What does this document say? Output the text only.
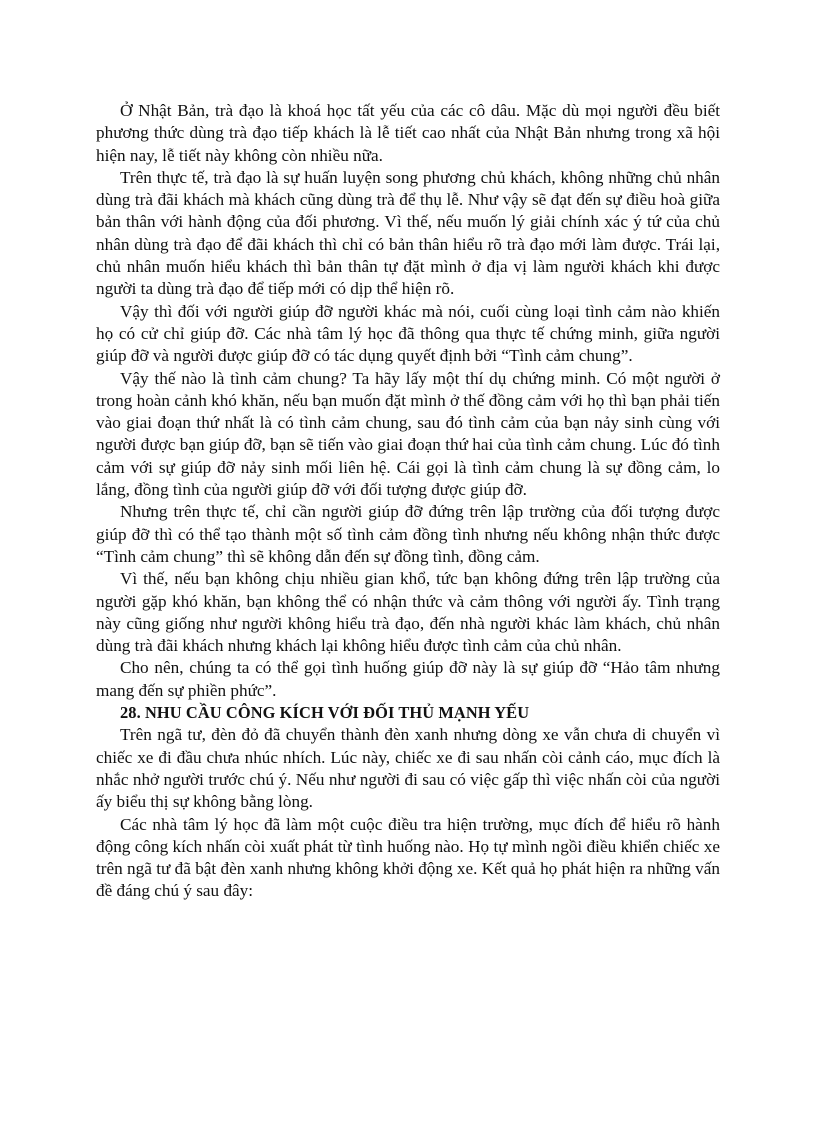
Ở Nhật Bản, trà đạo là khoá học tất yếu của các cô dâu. Mặc dù mọi người đều biết phương thức dùng trà đạo tiếp khách là lễ tiết cao nhất của Nhật Bản nhưng trong xã hội hiện nay, lễ tiết này không còn nhiều nữa.

Trên thực tế, trà đạo là sự huấn luyện song phương chủ khách, không những chủ nhân dùng trà đãi khách mà khách cũng dùng trà để thụ lễ. Như vậy sẽ đạt đến sự điều hoà giữa bản thân với hành động của đối phương. Vì thế, nếu muốn lý giải chính xác ý tứ của chủ nhân dùng trà đạo để đãi khách thì chỉ có bản thân hiểu rõ trà đạo mới làm được. Trái lại, chủ nhân muốn hiểu khách thì bản thân tự đặt mình ở địa vị làm người khách khi được người ta dùng trà đạo để tiếp mới có dịp thể hiện rõ.

Vậy thì đối với người giúp đỡ người khác mà nói, cuối cùng loại tình cảm nào khiến họ có cử chỉ giúp đỡ. Các nhà tâm lý học đã thông qua thực tế chứng minh, giữa người giúp đỡ và người được giúp đỡ có tác dụng quyết định bởi “Tình cảm chung”.

Vậy thế nào là tình cảm chung? Ta hãy lấy một thí dụ chứng minh. Có một người ở trong hoàn cảnh khó khăn, nếu bạn muốn đặt mình ở thế đồng cảm với họ thì bạn phải tiến vào giai đoạn thứ nhất là có tình cảm chung, sau đó tình cảm của bạn nảy sinh cùng với người được bạn giúp đỡ, bạn sẽ tiến vào giai đoạn thứ hai của tình cảm chung. Lúc đó tình cảm với sự giúp đỡ nảy sinh mối liên hệ. Cái gọi là tình cảm chung là sự đồng cảm, lo lắng, đồng tình của người giúp đỡ với đối tượng được giúp đỡ.

Nhưng trên thực tế, chỉ cần người giúp đỡ đứng trên lập trường của đối tượng được giúp đỡ thì có thể tạo thành một số tình cảm đồng tình nhưng nếu không nhận thức được “Tình cảm chung” thì sẽ không dẫn đến sự đồng tình, đồng cảm.

Vì thế, nếu bạn không chịu nhiều gian khổ, tức bạn không đứng trên lập trường của người gặp khó khăn, bạn không thể có nhận thức và cảm thông với người ấy. Tình trạng này cũng giống như người không hiểu trà đạo, đến nhà người khác làm khách, chủ nhân dùng trà đãi khách nhưng khách lại không hiểu được tình cảm của chủ nhân.

Cho nên, chúng ta có thể gọi tình huống giúp đỡ này là sự giúp đỡ “Hảo tâm nhưng mang đến sự phiền phức”.

28. NHU CẦU CÔNG KÍCH VỚI ĐỐI THỦ MẠNH YẾU

Trên ngã tư, đèn đỏ đã chuyển thành đèn xanh nhưng dòng xe vẫn chưa di chuyển vì chiếc xe đi đầu chưa nhúc nhích. Lúc này, chiếc xe đi sau nhấn còi cảnh cáo, mục đích là nhắc nhở người trước chú ý. Nếu như người đi sau có việc gấp thì việc nhấn còi của người ấy biểu thị sự không bằng lòng.

Các nhà tâm lý học đã làm một cuộc điều tra hiện trường, mục đích để hiểu rõ hành động công kích nhấn còi xuất phát từ tình huống nào. Họ tự mình ngồi điều khiển chiếc xe trên ngã tư đã bật đèn xanh nhưng không khởi động xe. Kết quả họ phát hiện ra những vấn đề đáng chú ý sau đây:
